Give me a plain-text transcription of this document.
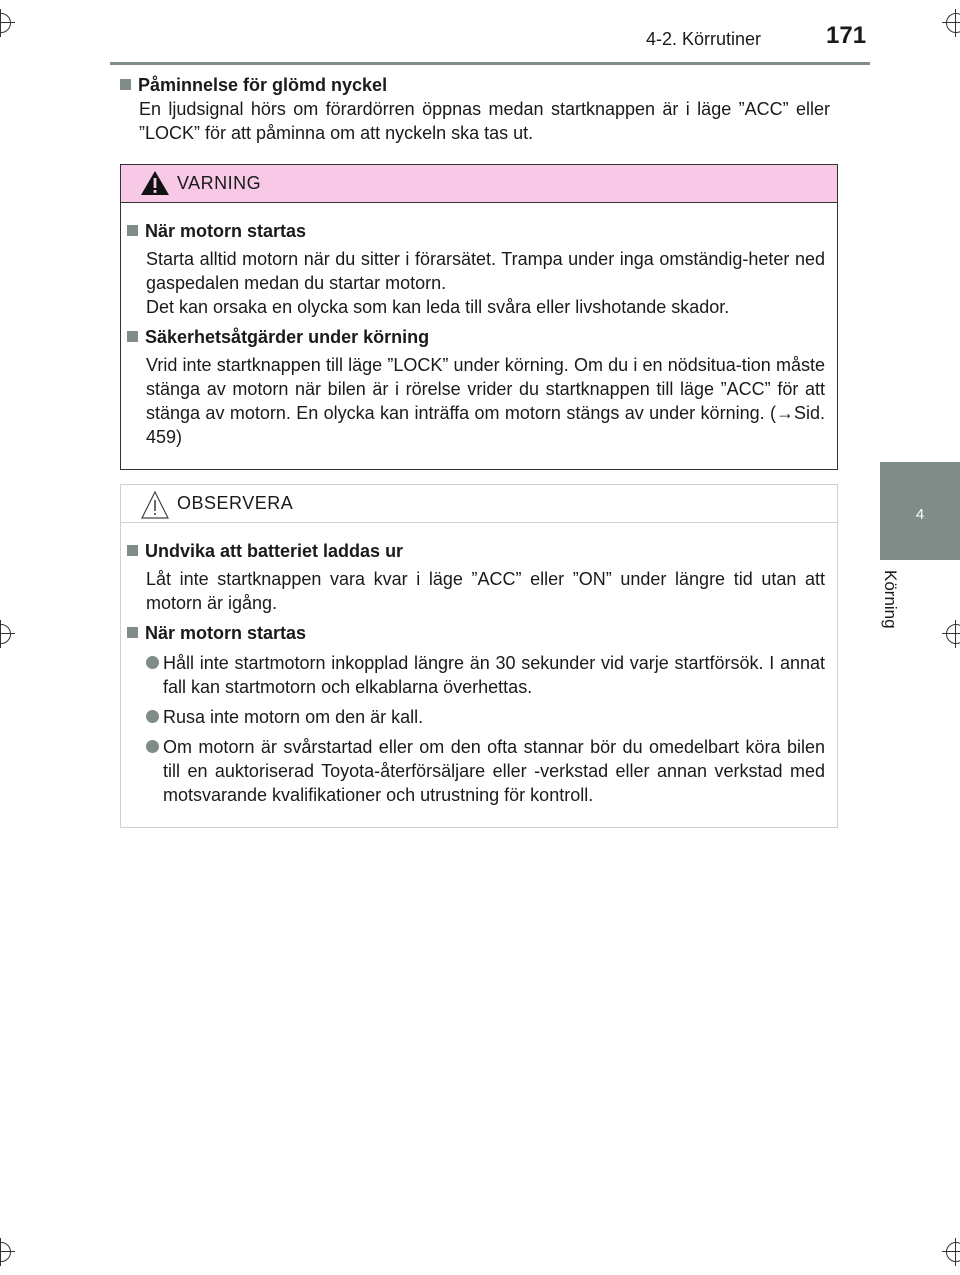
4-2. Körrutiner	171
4
Körning
Påminnelse för glömd nyckel
En ljudsignal hörs om förardörren öppnas medan startknappen är i läge ”ACC” eller ”LOCK” för att påminna om att nyckeln ska tas ut.
VARNING
När motorn startas
Starta alltid motorn när du sitter i förarsätet. Trampa under inga omständig-heter ned gaspedalen medan du startar motorn.
Det kan orsaka en olycka som kan leda till svåra eller livshotande skador.
Säkerhetsåtgärder under körning
Vrid inte startknappen till läge ”LOCK” under körning. Om du i en nödsitua-tion måste stänga av motorn när bilen är i rörelse vrider du startknappen till läge ”ACC” för att stänga av motorn. En olycka kan inträffa om motorn stängs av under körning. (→Sid. 459)
OBSERVERA
Undvika att batteriet laddas ur
Låt inte startknappen vara kvar i läge ”ACC” eller ”ON” under längre tid utan att motorn är igång.
När motorn startas
Håll inte startmotorn inkopplad längre än 30 sekunder vid varje startförsök. I annat fall kan startmotorn och elkablarna överhettas.
Rusa inte motorn om den är kall.
Om motorn är svårstartad eller om den ofta stannar bör du omedelbart köra bilen till en auktoriserad Toyota-återförsäljare eller -verkstad eller annan verkstad med motsvarande kvalifikationer och utrustning för kontroll.
